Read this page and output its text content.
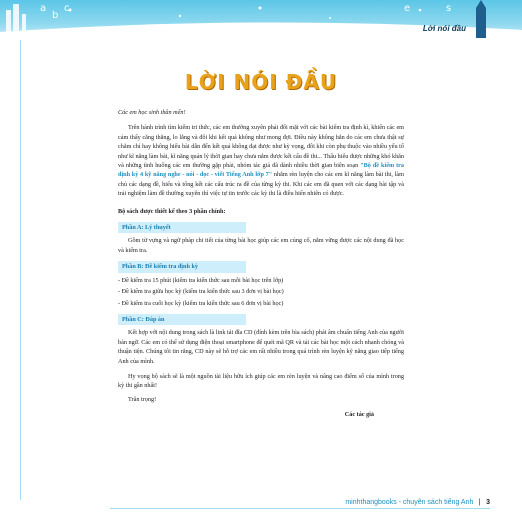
a
b
c	e	s
Lời nói đầu
LỜI NÓI ĐẦU

Các em học sinh thân mến!

Trên hành trình tìm kiếm tri thức, các em thường xuyên phải đối mặt với các bài kiểm tra định kì, khiến các em cảm thấy căng thẳng, lo lắng và đôi khi kết quả không như mong đợi. Điều này không hẳn do các em chưa thật sự chăm chỉ hay không hiểu bài dẫn đến kết quả không đạt được như kỳ vọng, đôi khi còn phụ thuộc vào nhiều yếu tố như kĩ năng làm bài, kĩ năng quản lý thời gian hay chưa nắm được kết cấu đề thi... Thấu hiểu được những khó khăn và những tình huống các em thường gặp phải, nhóm tác giả đã dành nhiều thời gian biên soạn "Bộ đề kiểm tra định kỳ 4 kỹ năng nghe - nói - đọc - viết Tiếng Anh lớp 7" nhằm rèn luyện cho các em kĩ năng làm bài thi, làm chủ các dạng đề, hiểu và tổng kết các cấu trúc ra đề của từng kỳ thi. Khi các em đã quen với các dạng bài tập và trải nghiệm làm đề thường xuyên thì việc tự tin trước các kỳ thi là điều hiển nhiên có được.

Bộ sách được thiết kế theo 3 phần chính:

Phần A: Lý thuyết

Gồm từ vựng và ngữ pháp chi tiết của từng bài học giúp các em củng cố, nắm vững được các nội dung đã học và kiểm tra.

Phần B: Đề kiểm tra định kỳ
- Đề kiểm tra 15 phút (kiểm tra kiến thức sau mỗi bài học trên lớp)
- Đề kiểm tra giữa học kỳ (kiểm tra kiến thức sau 3 đơn vị bài học)
- Đề kiểm tra cuối học kỳ (kiểm tra kiến thức sau 6 đơn vị bài học)
Phần C: Đáp án

Kết hợp với nội dung trong sách là link tải đĩa CD (đính kèm trên bìa sách) phát âm chuẩn tiếng Anh của người bản ngữ. Các em có thể sử dụng điện thoại smartphone để quét mã QR và tải các bài học một cách nhanh chóng và thuận tiện. Chúng tôi tin rằng, CD này sẽ hỗ trợ các em rất nhiều trong quá trình rèn luyện kỹ năng giao tiếp tiếng Anh của mình.

Hy vọng bộ sách sẽ là một nguồn tài liệu hữu ích giúp các em rèn luyện và nâng cao điểm số của mình trong kỳ thi gần nhất!

Trân trọng!

Các tác giả
minhthangbooks - chuyên sách tiếng Anh | 3
